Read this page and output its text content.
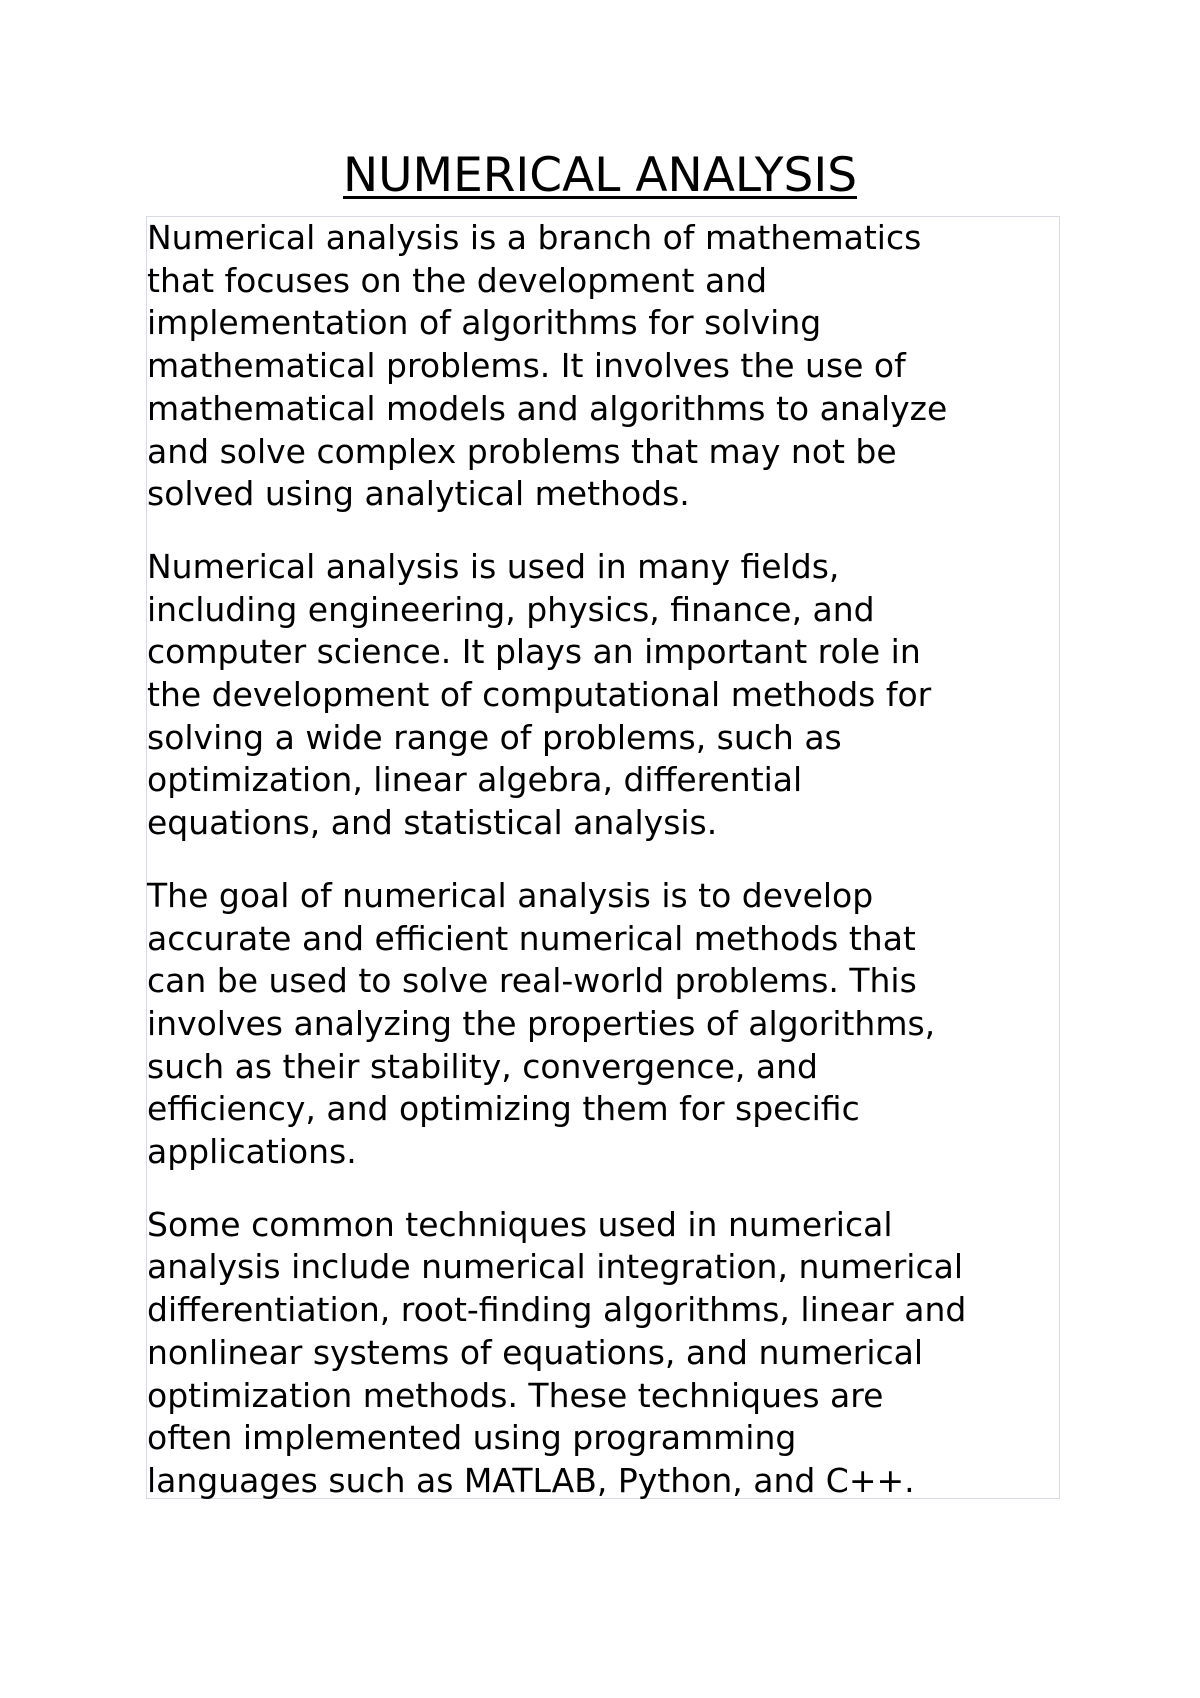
NUMERICAL ANALYSIS

Numerical analysis is a branch of mathematics
that focuses on the development and
implementation of algorithms for solving
mathematical problems. It involves the use of
mathematical models and algorithms to analyze
and solve complex problems that may not be
solved using analytical methods.

Numerical analysis is used in many fields,
including engineering, physics, finance, and
computer science. It plays an important role in
the development of computational methods for
solving a wide range of problems, such as
optimization, linear algebra, differential
equations, and statistical analysis.

The goal of numerical analysis is to develop
accurate and efficient numerical methods that
can be used to solve real-world problems. This
involves analyzing the properties of algorithms,
such as their stability, convergence, and
efficiency, and optimizing them for specific
applications.

Some common techniques used in numerical
analysis include numerical integration, numerical
differentiation, root-finding algorithms, linear and
nonlinear systems of equations, and numerical
optimization methods. These techniques are
often implemented using programming
languages such as MATLAB, Python, and C++.
